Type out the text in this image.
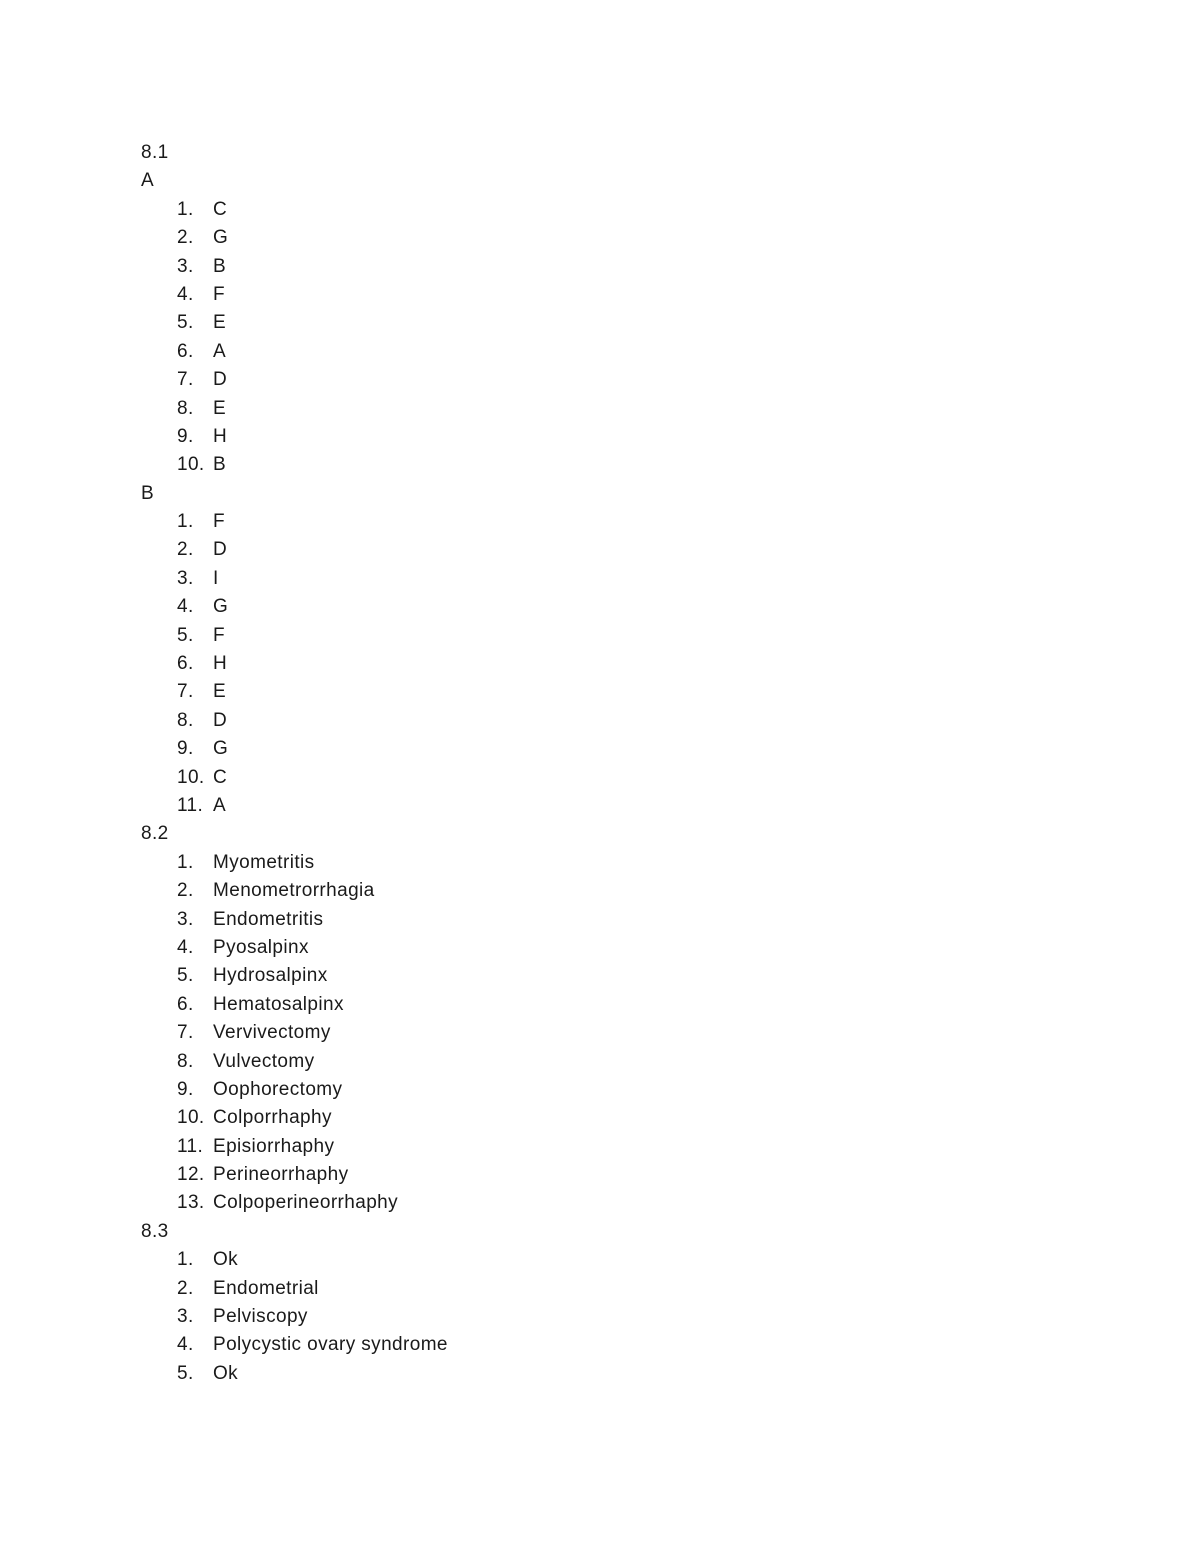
8.1
A
1.	C
2.	G
3.	B
4.	F
5.	E
6.	A
7.	D
8.	E
9.	H
10. B
B
1.	F
2.	D
3.	I
4.	G
5.	F
6.	H
7.	E
8.	D
9.	G
10. C
11. A
8.2
1.	Myometritis
2.	Menometrorrhagia
3.	Endometritis
4.	Pyosalpinx
5.	Hydrosalpinx
6.	Hematosalpinx
7.	Vervivectomy
8.	Vulvectomy
9.	Oophorectomy
10. Colporrhaphy
11. Episiorrhaphy
12. Perineorrhaphy
13. Colpoperineorrhaphy
8.3
1.	Ok
2.	Endometrial
3.	Pelviscopy
4.	Polycystic ovary syndrome
5.	Ok
